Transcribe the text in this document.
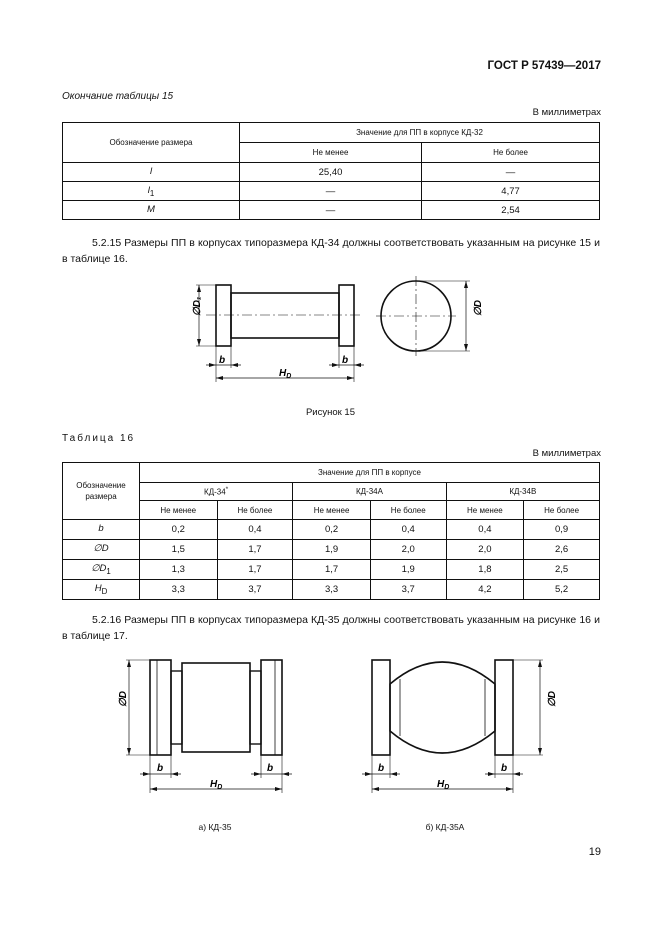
ГОСТ Р 57439—2017
Окончание таблицы 15
В миллиметрах
Обозначение размера	Значение для ПП в корпусе КД-32	
	Не менее	Не более
l	25,40	—
$l_1$	—	4,77
M	—	2,54

5.2.15 Размеры ПП в корпусах типоразмера КД-34 должны соответствовать указанным на рисунке 15 и в таблице 16.

∅D₁
b	b
$H_D$
∅D
Рисунок 15
Таблица 16
В миллиметрах
Обозначение размера	Значение для ПП в корпусе					
	КД-34*		КД-34А		КД-34В	
	Не менее	Не более	Не менее	Не более	Не менее	Не более
b	0,2	0,4	0,2	0,4	0,4	0,9
∅D	1,5	1,7	1,9	2,0	2,0	2,6
$\emptyset D_1$	1,3	1,7	1,7	1,9	1,8	2,5
$H_D$	3,3	3,7	3,3	3,7	4,2	5,2

5.2.16 Размеры ПП в корпусах типоразмера КД-35 должны соответствовать указанным на рисунке 16 и в таблице 17.

∅D
b	b
$H_D$
∅D
b	b
$H_D$
а) КД-35	б) КД-35А
19
